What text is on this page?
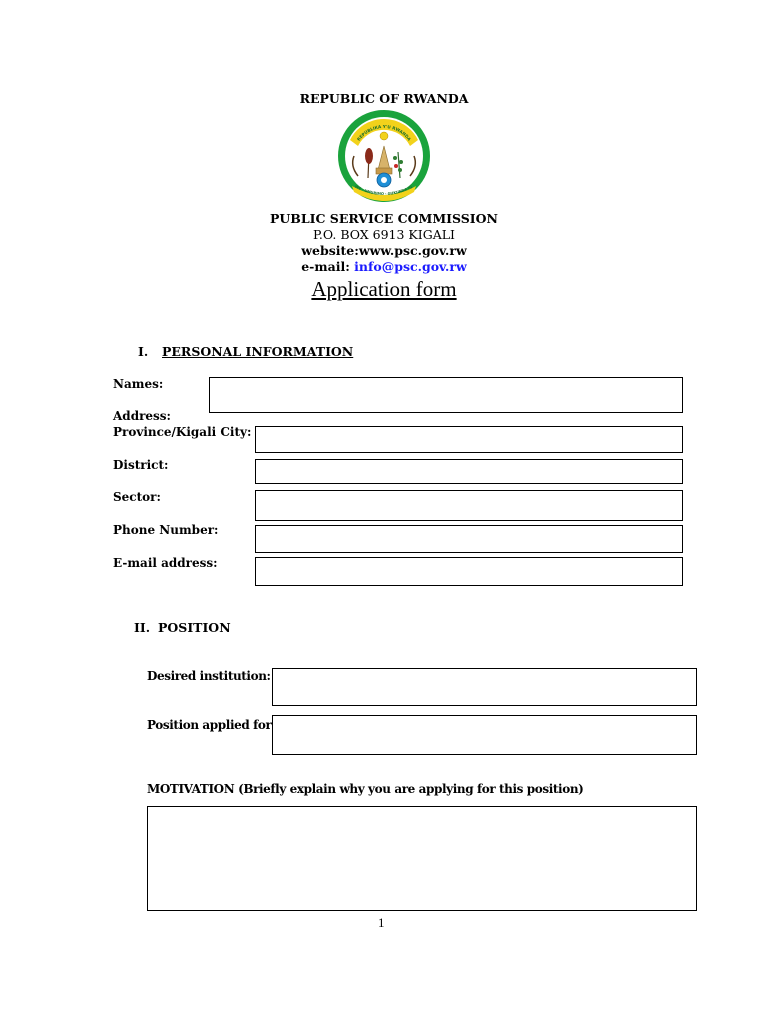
REPUBLIC OF RWANDA
REPUBLIKA Y'U RWANDA
WE · UMURIMO · GUKUNDA IG
PUBLIC SERVICE COMMISSION
P.O. BOX 6913 KIGALI
website:www.psc.gov.rw
e-mail: info@psc.gov.rw
Application form
I. PERSONAL INFORMATION
Names:
Address:
Province/Kigali City:
District:
Sector:
Phone Number:
E-mail address:
II. POSITION
Desired institution:
Position applied for
MOTIVATION (Briefly explain why you are applying for this position)
1
